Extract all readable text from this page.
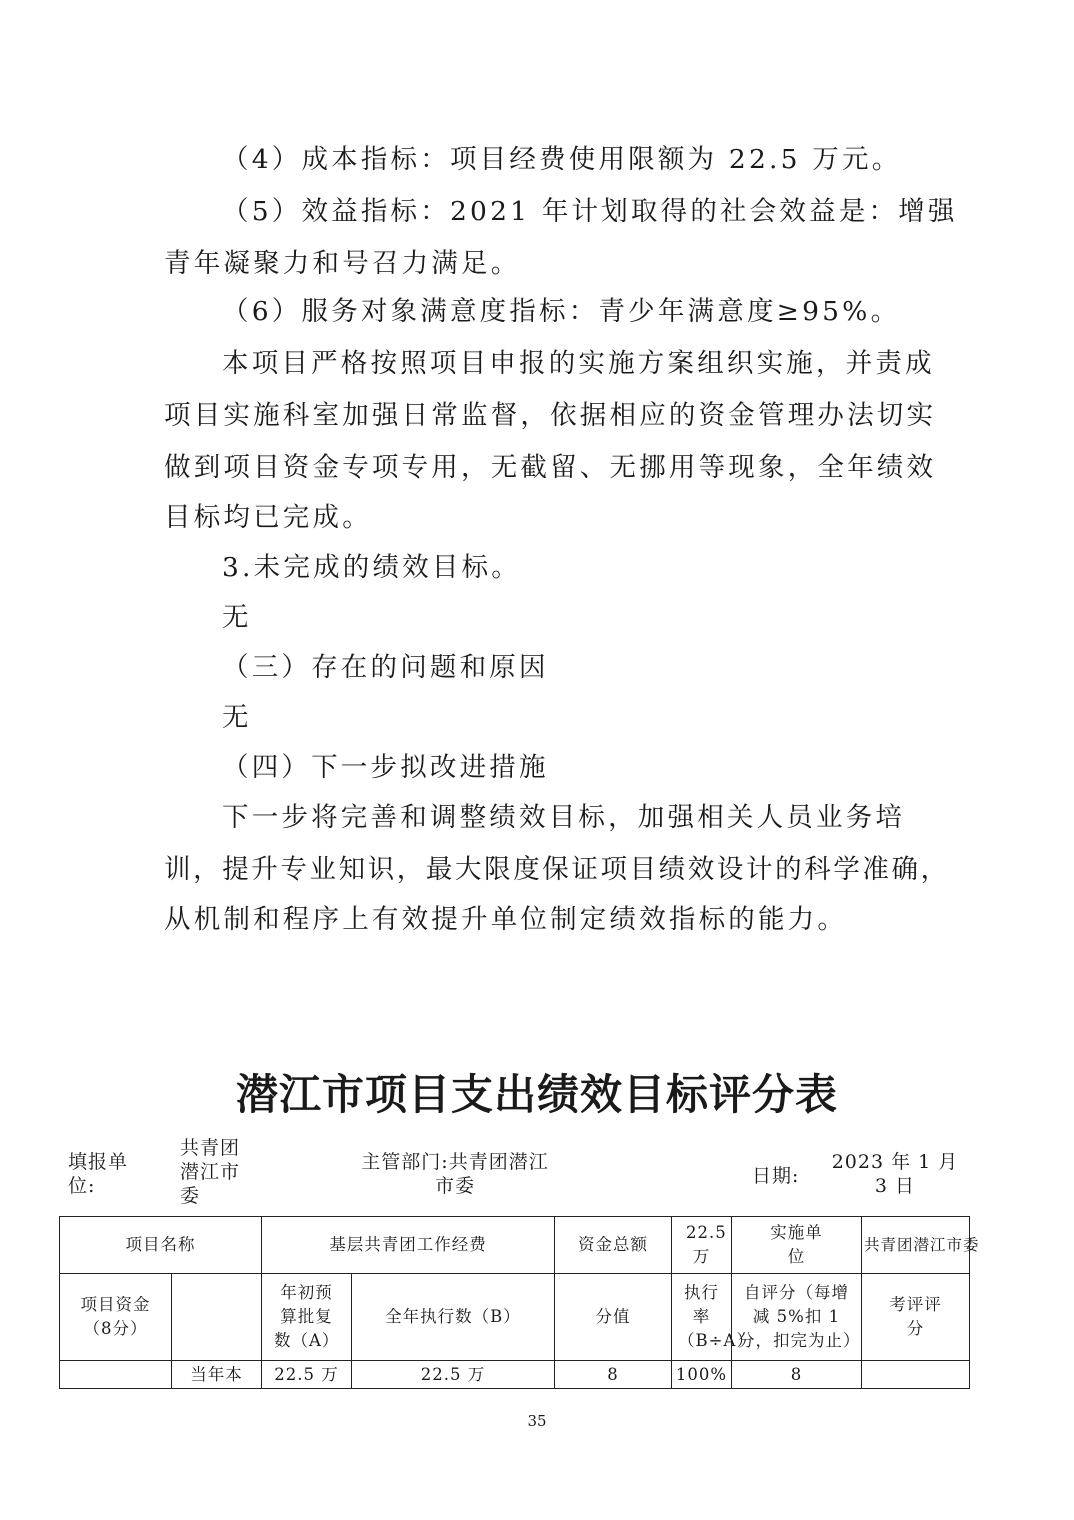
（4）成本指标：项目经费使用限额为 22.5 万元。
（5）效益指标：2021 年计划取得的社会效益是：增强
青年凝聚力和号召力满足。
（6）服务对象满意度指标：青少年满意度≥95%。
本项目严格按照项目申报的实施方案组织实施，并责成
项目实施科室加强日常监督，依据相应的资金管理办法切实
做到项目资金专项专用，无截留、无挪用等现象，全年绩效
目标均已完成。
3.未完成的绩效目标。
无
（三）存在的问题和原因
无
（四）下一步拟改进措施
下一步将完善和调整绩效目标，加强相关人员业务培
训，提升专业知识，最大限度保证项目绩效设计的科学准确，
从机制和程序上有效提升单位制定绩效指标的能力。
潜江市项目支出绩效目标评分表
填报单位:
共青团潜江市委
主管部门:共青团潜江市委	日期:
2023 年 1 月 3 日
项目名称		基层共青团工作经费		资金总额	22.5 万	实施单位	共青团潜江市委
项目资金（8分）		年初预算批复数（A）	全年执行数（B）	分值	执行率（B÷A）	自评分（每增减 5%扣 1 分，扣完为止）	考评评分
	当年本	22.5 万	22.5 万	8	100%	8	
35
